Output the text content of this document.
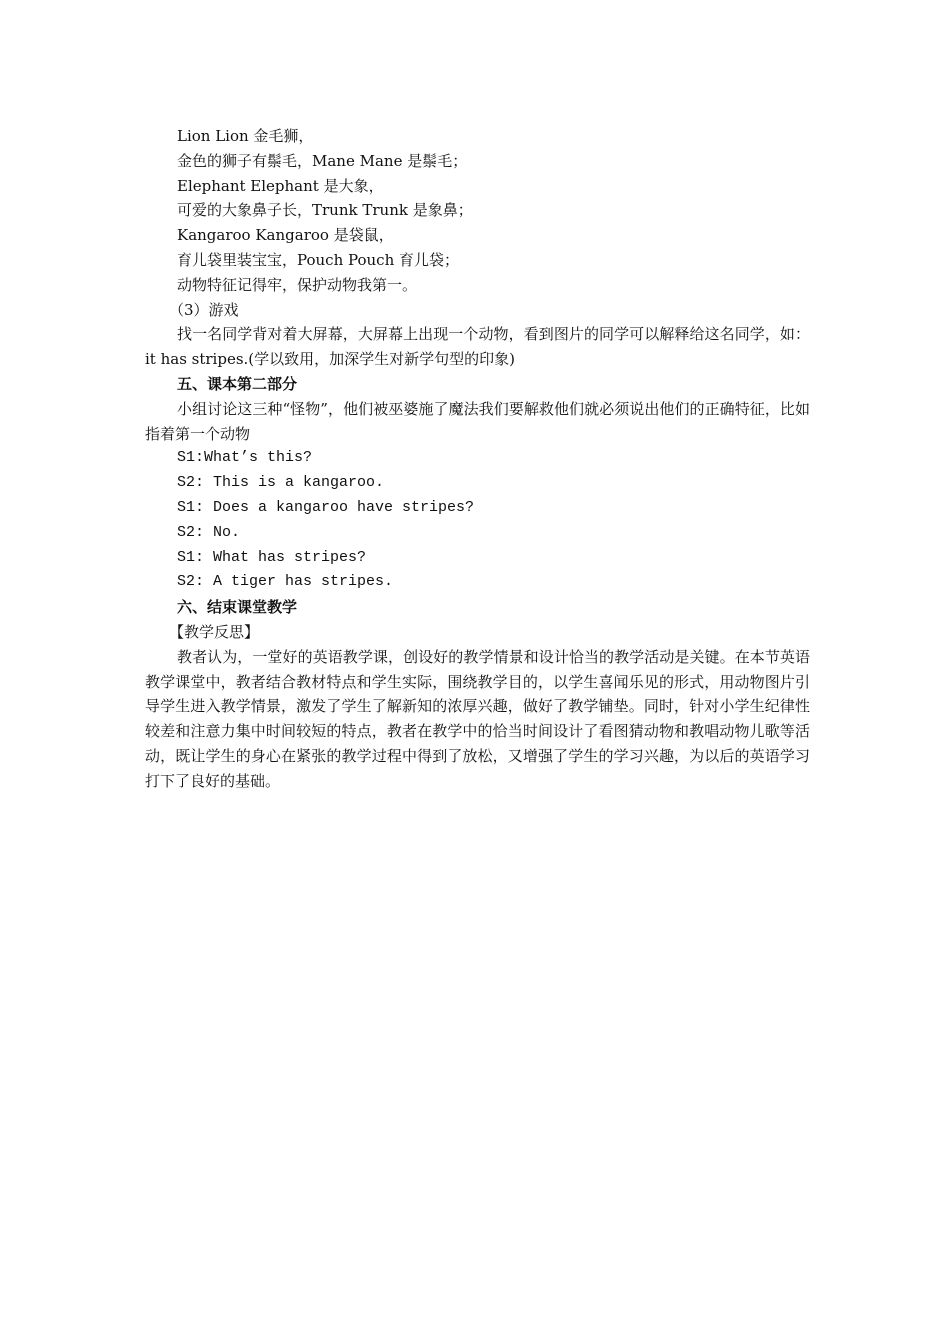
Lion Lion 金毛狮，
金色的狮子有鬃毛，Mane Mane 是鬃毛；
Elephant Elephant 是大象，
可爱的大象鼻子长，Trunk Trunk 是象鼻；
Kangaroo Kangaroo 是袋鼠，
育儿袋里装宝宝，Pouch Pouch 育儿袋；
动物特征记得牢，保护动物我第一。
（3）游戏
找一名同学背对着大屏幕，大屏幕上出现一个动物，看到图片的同学可以解释给这名同学，如：it has stripes.(学以致用，加深学生对新学句型的印象)
五、课本第二部分
小组讨论这三种“怪物”，他们被巫婆施了魔法我们要解救他们就必须说出他们的正确特征，比如指着第一个动物
S1:What’s this?
S2: This is a kangaroo.
S1: Does a kangaroo have stripes?
S2: No.
S1: What has stripes?
S2: A tiger has stripes.
六、结束课堂教学
【教学反思】
教者认为，一堂好的英语教学课，创设好的教学情景和设计恰当的教学活动是关键。在本节英语教学课堂中，教者结合教材特点和学生实际，围绕教学目的，以学生喜闻乐见的形式，用动物图片引导学生进入教学情景，激发了学生了解新知的浓厚兴趣，做好了教学铺垫。同时，针对小学生纪律性较差和注意力集中时间较短的特点，教者在教学中的恰当时间设计了看图猜动物和教唱动物儿歌等活动，既让学生的身心在紧张的教学过程中得到了放松，又增强了学生的学习兴趣，为以后的英语学习打下了良好的基础。
